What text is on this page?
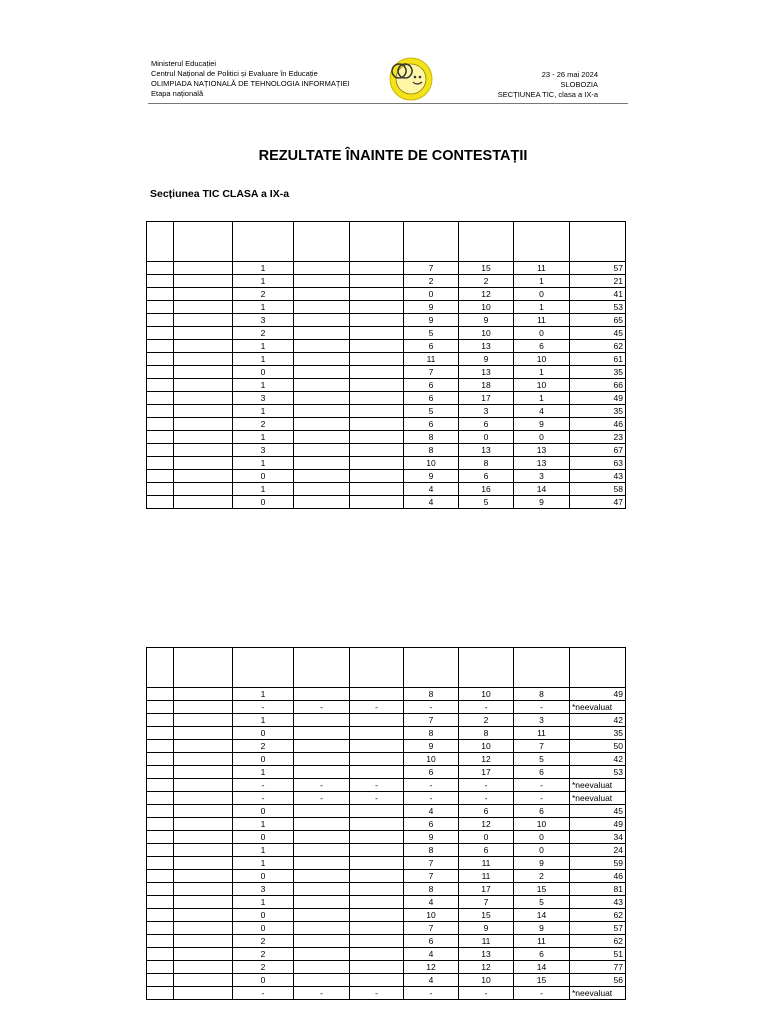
Ministerul Educației
Centrul Național de Politici și Evaluare în Educație
OLIMPIADA NAȚIONALĂ DE TEHNOLOGIA INFORMAȚIEI
Etapa națională
23 - 26 mai 2024
SLOBOZIA
SECȚIUNEA TIC, clasa a IX-a
REZULTATE ÎNAINTE DE CONTESTAȚII
Secțiunea TIC CLASA a IX-a

		1			7	15	11	57
		1			2	2	1	21
		2			0	12	0	41
		1			9	10	1	53
		3			9	9	11	65
		2			5	10	0	45
		1			6	13	6	62
		1			11	9	10	61
		0			7	13	1	35
		1			6	18	10	66
		3			6	17	1	49
		1			5	3	4	35
		2			6	6	9	46
		1			8	0	0	23
		3			8	13	13	67
		1			10	8	13	63
		0			9	6	3	43
		1			4	16	14	58
		0			4	5	9	47

		1			8	10	8	49
		-	-	-	-	-	-	*neevaluat
		1			7	2	3	42
		0			8	8	11	35
		2			9	10	7	50
		0			10	12	5	42
		1			6	17	6	53
		-	-	-	-	-	-	*neevaluat
		-	-	-	-	-	-	*neevaluat
		0			4	6	6	45
		1			6	12	10	49
		0			9	0	0	34
		1			8	6	0	24
		1			7	11	9	59
		0			7	11	2	46
		3			8	17	15	81
		1			4	7	5	43
		0			10	15	14	62
		0			7	9	9	57
		2			6	11	11	62
		2			4	13	6	51
		2			12	12	14	77
		0			4	10	15	56
		-	-	-	-	-	-	*neevaluat
